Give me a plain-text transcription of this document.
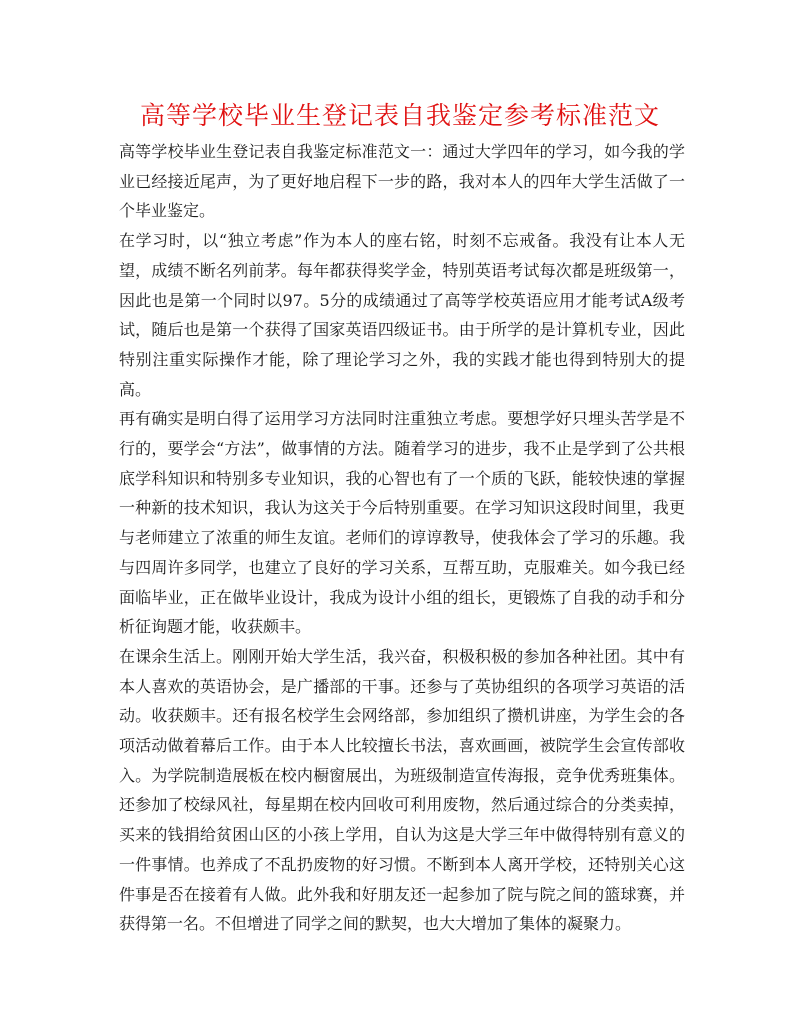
高等学校毕业生登记表自我鉴定参考标准范文

高等学校毕业生登记表自我鉴定标准范文一：通过大学四年的学习，如今我的学业已经接近尾声，为了更好地启程下一步的路，我对本人的四年大学生活做了一个毕业鉴定。

在学习时，以“独立考虑”作为本人的座右铭，时刻不忘戒备。我没有让本人无望，成绩不断名列前茅。每年都获得奖学金，特别英语考试每次都是班级第一，因此也是第一个同时以97。5分的成绩通过了高等学校英语应用才能考试A级考试，随后也是第一个获得了国家英语四级证书。由于所学的是计算机专业，因此特别注重实际操作才能，除了理论学习之外，我的实践才能也得到特别大的提高。

再有确实是明白得了运用学习方法同时注重独立考虑。要想学好只埋头苦学是不行的，要学会“方法”，做事情的方法。随着学习的进步，我不止是学到了公共根底学科知识和特别多专业知识，我的心智也有了一个质的飞跃，能较快速的掌握一种新的技术知识，我认为这关于今后特别重要。在学习知识这段时间里，我更与老师建立了浓重的师生友谊。老师们的谆谆教导，使我体会了学习的乐趣。我与四周许多同学，也建立了良好的学习关系，互帮互助，克服难关。如今我已经面临毕业，正在做毕业设计，我成为设计小组的组长，更锻炼了自我的动手和分析征询题才能，收获颇丰。

在课余生活上。刚刚开始大学生活，我兴奋，积极积极的参加各种社团。其中有本人喜欢的英语协会，是广播部的干事。还参与了英协组织的各项学习英语的活动。收获颇丰。还有报名校学生会网络部，参加组织了攒机讲座，为学生会的各项活动做着幕后工作。由于本人比较擅长书法，喜欢画画，被院学生会宣传部收入。为学院制造展板在校内橱窗展出，为班级制造宣传海报，竞争优秀班集体。还参加了校绿风社，每星期在校内回收可利用废物，然后通过综合的分类卖掉，买来的钱捐给贫困山区的小孩上学用，自认为这是大学三年中做得特别有意义的一件事情。也养成了不乱扔废物的好习惯。不断到本人离开学校，还特别关心这件事是否在接着有人做。此外我和好朋友还一起参加了院与院之间的篮球赛，并获得第一名。不但增进了同学之间的默契，也大大增加了集体的凝聚力。
